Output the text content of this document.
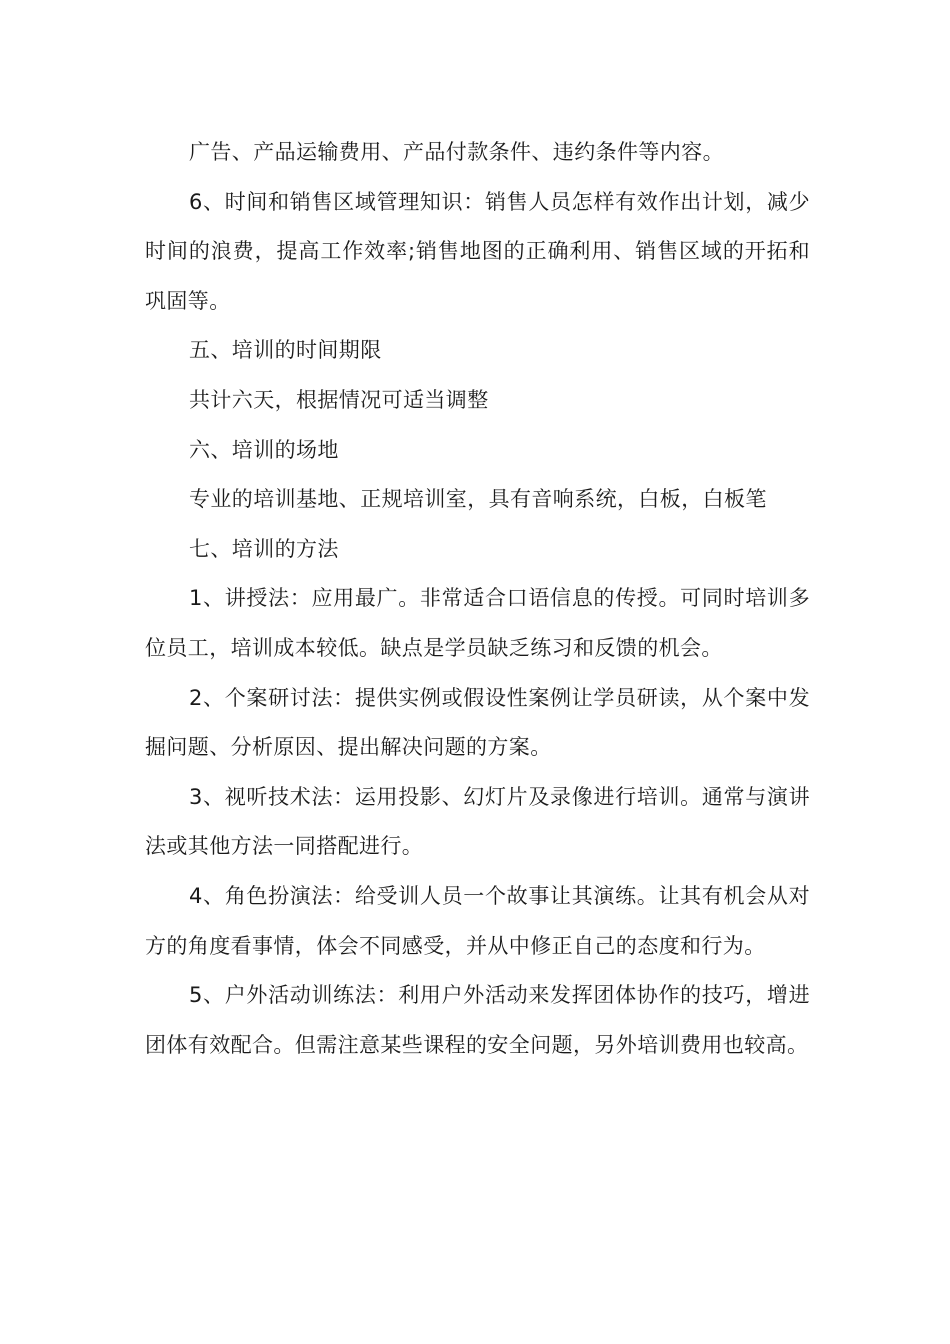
广告、产品运输费用、产品付款条件、违约条件等内容。

6、时间和销售区域管理知识：销售人员怎样有效作出计划，减少时间的浪费，提高工作效率;销售地图的正确利用、销售区域的开拓和巩固等。

五、培训的时间期限

共计六天，根据情况可适当调整

六、培训的场地

专业的培训基地、正规培训室，具有音响系统，白板，白板笔

七、培训的方法

1、讲授法：应用最广。非常适合口语信息的传授。可同时培训多位员工，培训成本较低。缺点是学员缺乏练习和反馈的机会。

2、个案研讨法：提供实例或假设性案例让学员研读，从个案中发掘问题、分析原因、提出解决问题的方案。

3、视听技术法：运用投影、幻灯片及录像进行培训。通常与演讲法或其他方法一同搭配进行。

4、角色扮演法：给受训人员一个故事让其演练。让其有机会从对方的角度看事情，体会不同感受，并从中修正自己的态度和行为。

5、户外活动训练法：利用户外活动来发挥团体协作的技巧，增进团体有效配合。但需注意某些课程的安全问题，另外培训费用也较高。
